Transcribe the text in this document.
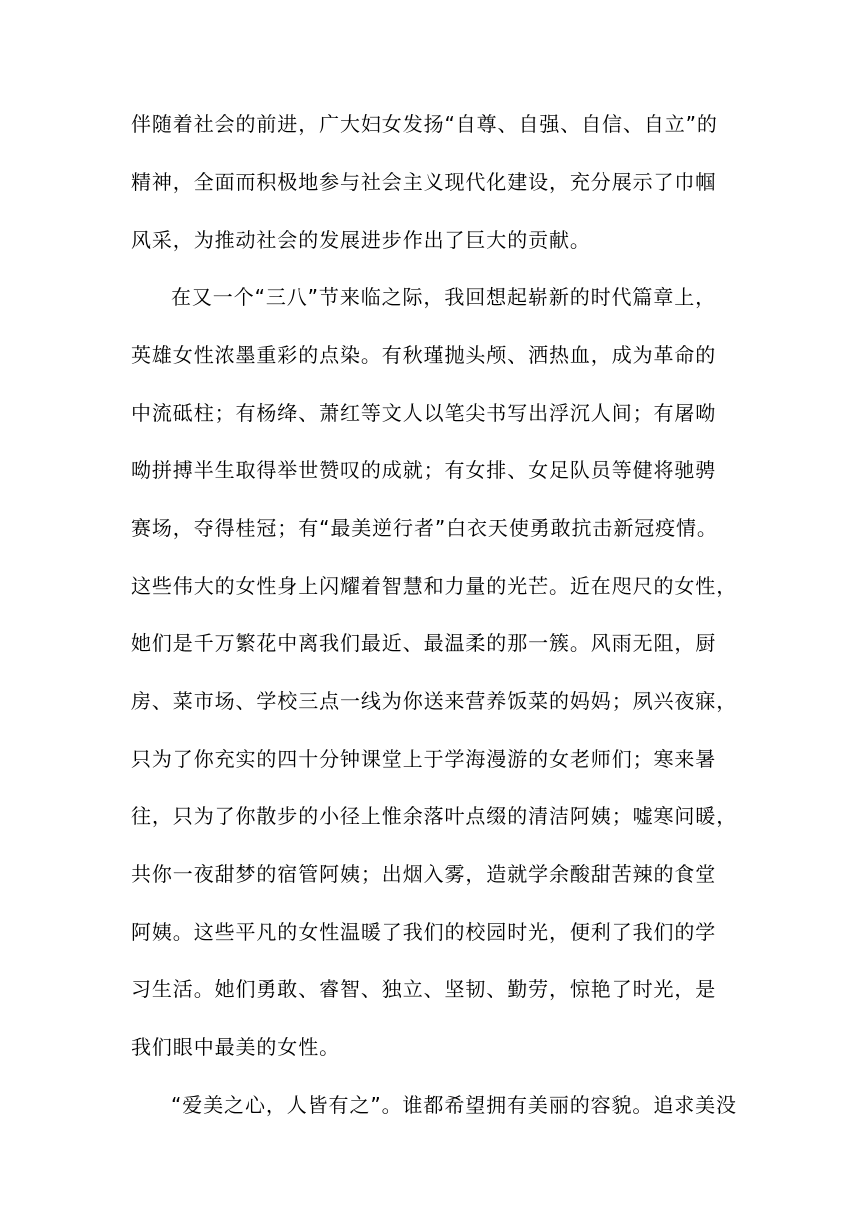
伴随着社会的前进，广大妇女发扬“自尊、自强、自信、自立”的
精神，全面而积极地参与社会主义现代化建设，充分展示了巾帼
风采，为推动社会的发展进步作出了巨大的贡献。
在又一个“三八”节来临之际，我回想起崭新的时代篇章上，
英雄女性浓墨重彩的点染。有秋瑾抛头颅、洒热血，成为革命的
中流砥柱；有杨绛、萧红等文人以笔尖书写出浮沉人间；有屠呦
呦拼搏半生取得举世赞叹的成就；有女排、女足队员等健将驰骋
赛场，夺得桂冠；有“最美逆行者”白衣天使勇敢抗击新冠疫情。
这些伟大的女性身上闪耀着智慧和力量的光芒。近在咫尺的女性，
她们是千万繁花中离我们最近、最温柔的那一簇。风雨无阻，厨
房、菜市场、学校三点一线为你送来营养饭菜的妈妈；夙兴夜寐，
只为了你充实的四十分钟课堂上于学海漫游的女老师们；寒来暑
往，只为了你散步的小径上惟余落叶点缀的清洁阿姨；嘘寒问暖，
共你一夜甜梦的宿管阿姨；出烟入雾，造就学余酸甜苦辣的食堂
阿姨。这些平凡的女性温暖了我们的校园时光，便利了我们的学
习生活。她们勇敢、睿智、独立、坚韧、勤劳，惊艳了时光，是
我们眼中最美的女性。
“爱美之心，人皆有之”。谁都希望拥有美丽的容貌。追求美没
